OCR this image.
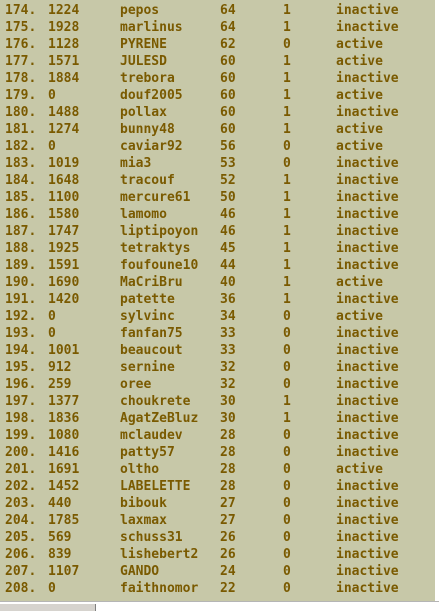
174. 1224	pepos	64	1	inactive
175. 1928	marlinus	64	1	inactive
176. 1128	PYRENE	62	0	active
177. 1571	JULESD	60	1	active
178. 1884	trebora	60	1	inactive
179. 0	douf2005	60	1	active
180. 1488	pollax	60	1	inactive
181. 1274	bunny48	60	1	active
182. 0	caviar92	56	0	active
183. 1019	mia3	53	0	inactive
184. 1648	tracouf	52	1	inactive
185. 1100	mercure61 50	1	inactive
186. 1580	lamomo	46	1	inactive
187. 1747	liptipoyon 46	1	inactive
188. 1925	tetraktys 45	1	inactive
189. 1591	foufoune10 44	1	inactive
190. 1690	MaCriBru	40	1	active
191. 1420	patette	36	1	inactive
192. 0	sylvinc	34	0	active
193. 0	fanfan75	33	0	inactive
194. 1001	beaucout	33	0	inactive
195. 912	sernine	32	0	inactive
196. 259	oree	32	0	inactive
197. 1377	choukrete 30	1	inactive
198. 1836	AgatZeBluz 30	1	inactive
199. 1080	mclaudev	28	0	inactive
200. 1416	patty57	28	0	inactive
201. 1691	oltho	28	0	active
202. 1452	LABELETTE 28	0	inactive
203. 440	bibouk	27	0	inactive
204. 1785	laxmax	27	0	inactive
205. 569	schuss31	26	0	inactive
206. 839	lishebert2 26	0	inactive
207. 1107	GANDO	24	0	inactive
208. 0	faithnomor 22	0	inactive
